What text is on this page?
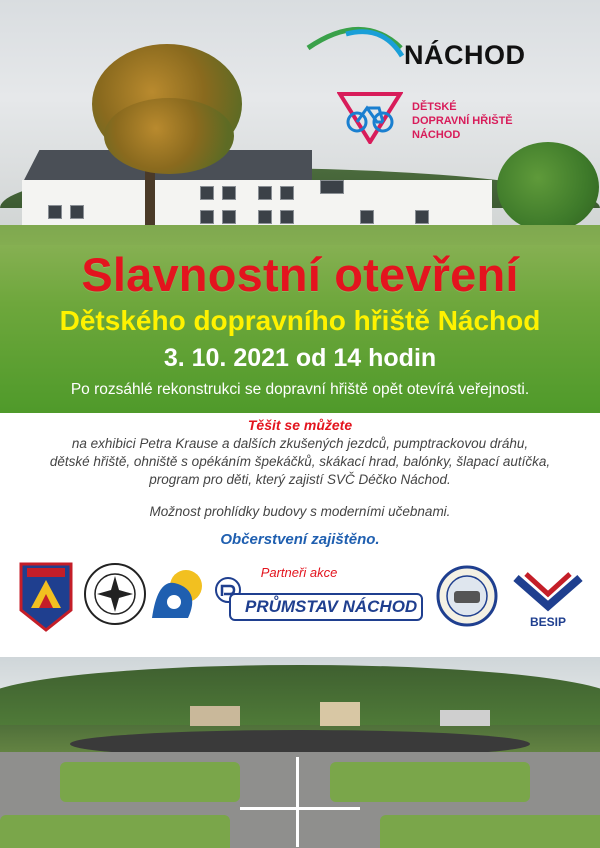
NÁCHOD
DĚTSKÉ
DOPRAVNÍ HŘIŠTĚ
NÁCHOD
Slavnostní otevření
Dětského dopravního hřiště Náchod
3. 10. 2021 od 14 hodin
Po rozsáhlé rekonstrukci se dopravní hřiště opět otevírá veřejnosti.
Těšit se můžete
na exhibici Petra Krause a dalších zkušených jezdců, pumptrackovou dráhu,
dětské hřiště, ohniště s opékáním špekáčků, skákací hrad, balónky, šlapací autíčka,
program pro děti, který zajistí SVČ Déčko Náchod.
Možnost prohlídky budovy s moderními učebnami.
Občerstvení zajištěno.
Partneři akce
PRŮMSTAV NÁCHOD
BESIP
